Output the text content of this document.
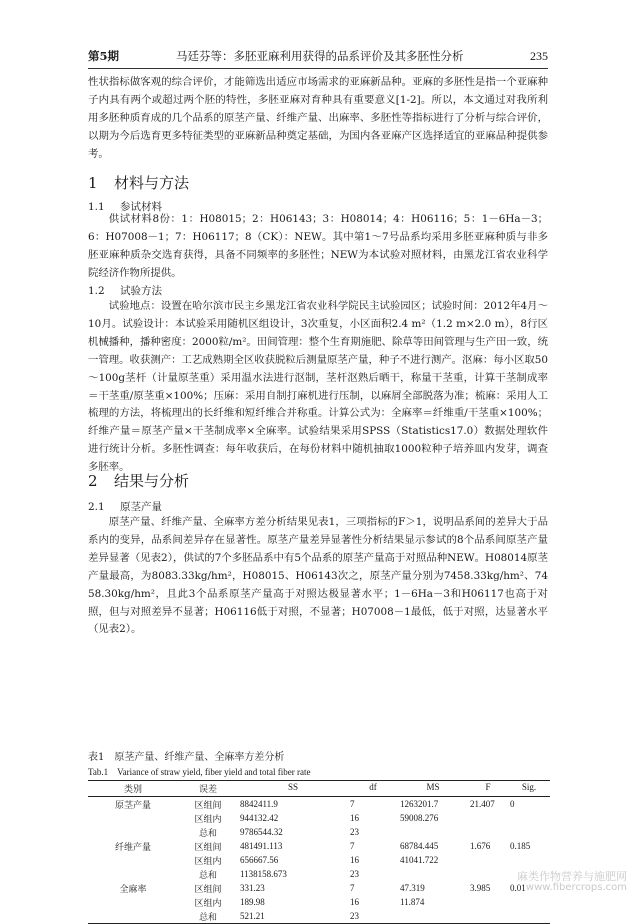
第5期	马廷芬等：多胚亚麻利用获得的品系评价及其多胚性分析	235

性状指标做客观的综合评价，才能筛选出适应市场需求的亚麻新品种。亚麻的多胚性是指一个亚麻种子内具有两个或超过两个胚的特性，多胚亚麻对育种具有重要意义[1-2]。所以，本文通过对我所利用多胚种质育成的几个品系的原茎产量、纤维产量、出麻率、多胚性等指标进行了分析与综合评价，以期为今后选育更多特征类型的亚麻新品种奠定基础，为国内各亚麻产区选择适宜的亚麻品种提供参考。

1 材料与方法
1.1 参试材料

供试材料8份：1：H08015；2：H06143；3：H08014；4：H06116；5：1－6Ha－3；6：H07008－1；7：H06117；8（CK）：NEW。其中第1～7号品系均采用多胚亚麻种质与非多胚亚麻种质杂交选育获得，具备不同频率的多胚性；NEW为本试验对照材料，由黑龙江省农业科学院经济作物所提供。

1.2 试验方法

试验地点：设置在哈尔滨市民主乡黑龙江省农业科学院民主试验园区；试验时间：2012年4月～10月。试验设计：本试验采用随机区组设计，3次重复，小区面积2.4 m²（1.2 m×2.0 m），8行区机械播种，播种密度：2000粒/m²。田间管理：整个生育期施肥、除草等田间管理与生产田一致，统一管理。收获测产：工艺成熟期全区收获脱粒后测量原茎产量，种子不进行测产。沤麻：每小区取50～100g茎杆（计量原茎重）采用温水法进行沤制，茎杆沤熟后晒干，称量干茎重，计算干茎制成率＝干茎重/原茎重×100%；压麻：采用自制打麻机进行压制，以麻屑全部脱落为准；梳麻：采用人工梳理的方法，将梳理出的长纤维和短纤维合并称重。计算公式为：全麻率＝纤维重/干茎重×100%；纤维产量＝原茎产量×干茎制成率×全麻率。试验结果采用SPSS（Statistics17.0）数据处理软件进行统计分析。多胚性调查：每年收获后，在每份材料中随机抽取1000粒种子培养皿内发芽，调查多胚率。

2 结果与分析
2.1 原茎产量

原茎产量、纤维产量、全麻率方差分析结果见表1，三项指标的F＞1，说明品系间的差异大于品系内的变异，品系间差异存在显著性。原茎产量差异显著性分析结果显示参试的8个品系间原茎产量差异显著（见表2），供试的7个多胚品系中有5个品系的原茎产量高于对照品种NEW。H08014原茎产量最高，为8083.33kg/hm²，H08015、H06143次之，原茎产量分别为7458.33kg/hm²、7458.30kg/hm²，且此3个品系原茎产量高于对照达极显著水平；1－6Ha－3和H06117也高于对照，但与对照差异不显著；H06116低于对照，不显著；H07008－1最低，低于对照，达显著水平（见表2）。

表1　原茎产量、纤维产量、全麻率方差分析
Tab.1　Variance of straw yield, fiber yield and total fiber rate
类别	误差	SS	df	MS	F	Sig.
原茎产量	区组间	8842411.9	7	1263201.7	21.407	0
	区组内	944132.42	16	59008.276		
	总和	9786544.32	23			
纤维产量	区组间	481491.113	7	68784.445	1.676	0.185
	区组内	656667.56	16	41041.722		
	总和	1138158.673	23			
全麻率	区组间	331.23	7	47.319	3.985	0.01
	区组内	189.98	16	11.874		
	总和	521.21	23			
麻类作物营养与施肥网
www.fibercrops.com
